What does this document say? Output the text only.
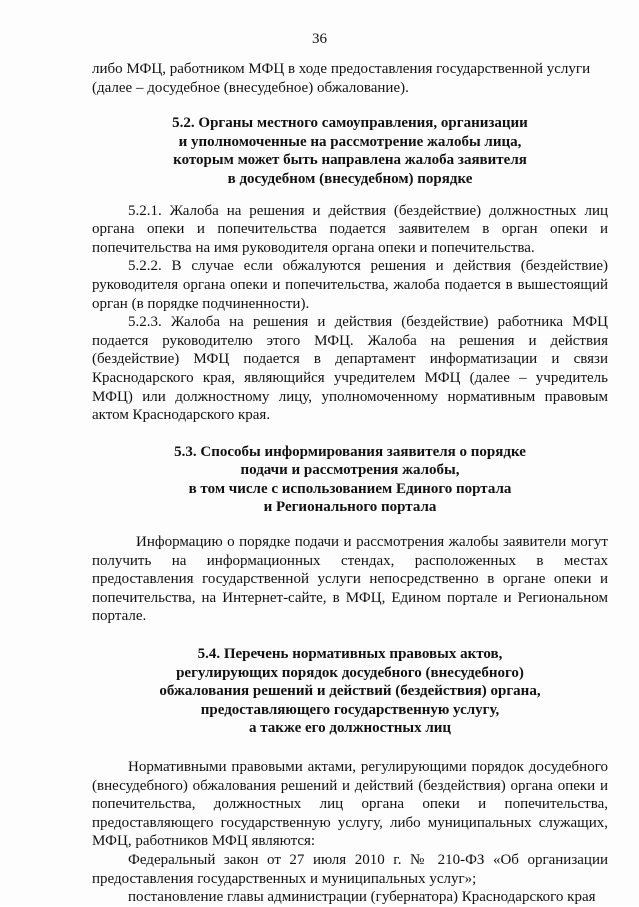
36

либо МФЦ, работником МФЦ в ходе предоставления государственной услуги

(далее – досудебное (внесудебное) обжалование).

5.2. Органы местного самоуправления, организации
и уполномоченные на рассмотрение жалобы лица,
которым может быть направлена жалоба заявителя
в досудебном (внесудебном) порядке

5.2.1. Жалоба на решения и действия (бездействие) должностных лиц органа опеки и попечительства подается заявителем в орган опеки и попечительства на имя руководителя органа опеки и попечительства.

5.2.2. В случае если обжалуются решения и действия (бездействие) руководителя органа опеки и попечительства, жалоба подается в вышестоящий орган (в порядке подчиненности).

5.2.3. Жалоба на решения и действия (бездействие) работника МФЦ подается руководителю этого МФЦ. Жалоба на решения и действия (бездействие) МФЦ подается в департамент информатизации и связи Краснодарского края, являющийся учредителем МФЦ (далее – учредитель МФЦ) или должностному лицу, уполномоченному нормативным правовым актом Краснодарского края.

5.3. Способы информирования заявителя о порядке
подачи и рассмотрения жалобы,
в том числе с использованием Единого портала
и Регионального портала

Информацию о порядке подачи и рассмотрения жалобы заявители могут получить на информационных стендах, расположенных в местах предоставления государственной услуги непосредственно в органе опеки и попечительства, на Интернет-сайте, в МФЦ, Едином портале и Региональном портале.

5.4. Перечень нормативных правовых актов,
регулирующих порядок досудебного (внесудебного)
обжалования решений и действий (бездействия) органа,
предоставляющего государственную услугу,
а также его должностных лиц

Нормативными правовыми актами, регулирующими порядок досудебного (внесудебного) обжалования решений и действий (бездействия) органа опеки и попечительства, должностных лиц органа опеки и попечительства, предоставляющего государственную услугу, либо муниципальных служащих, МФЦ, работников МФЦ являются:

Федеральный закон от 27 июля 2010 г. № 210-ФЗ «Об организации предоставления государственных и муниципальных услуг»;

постановление главы администрации (губернатора) Краснодарского края
